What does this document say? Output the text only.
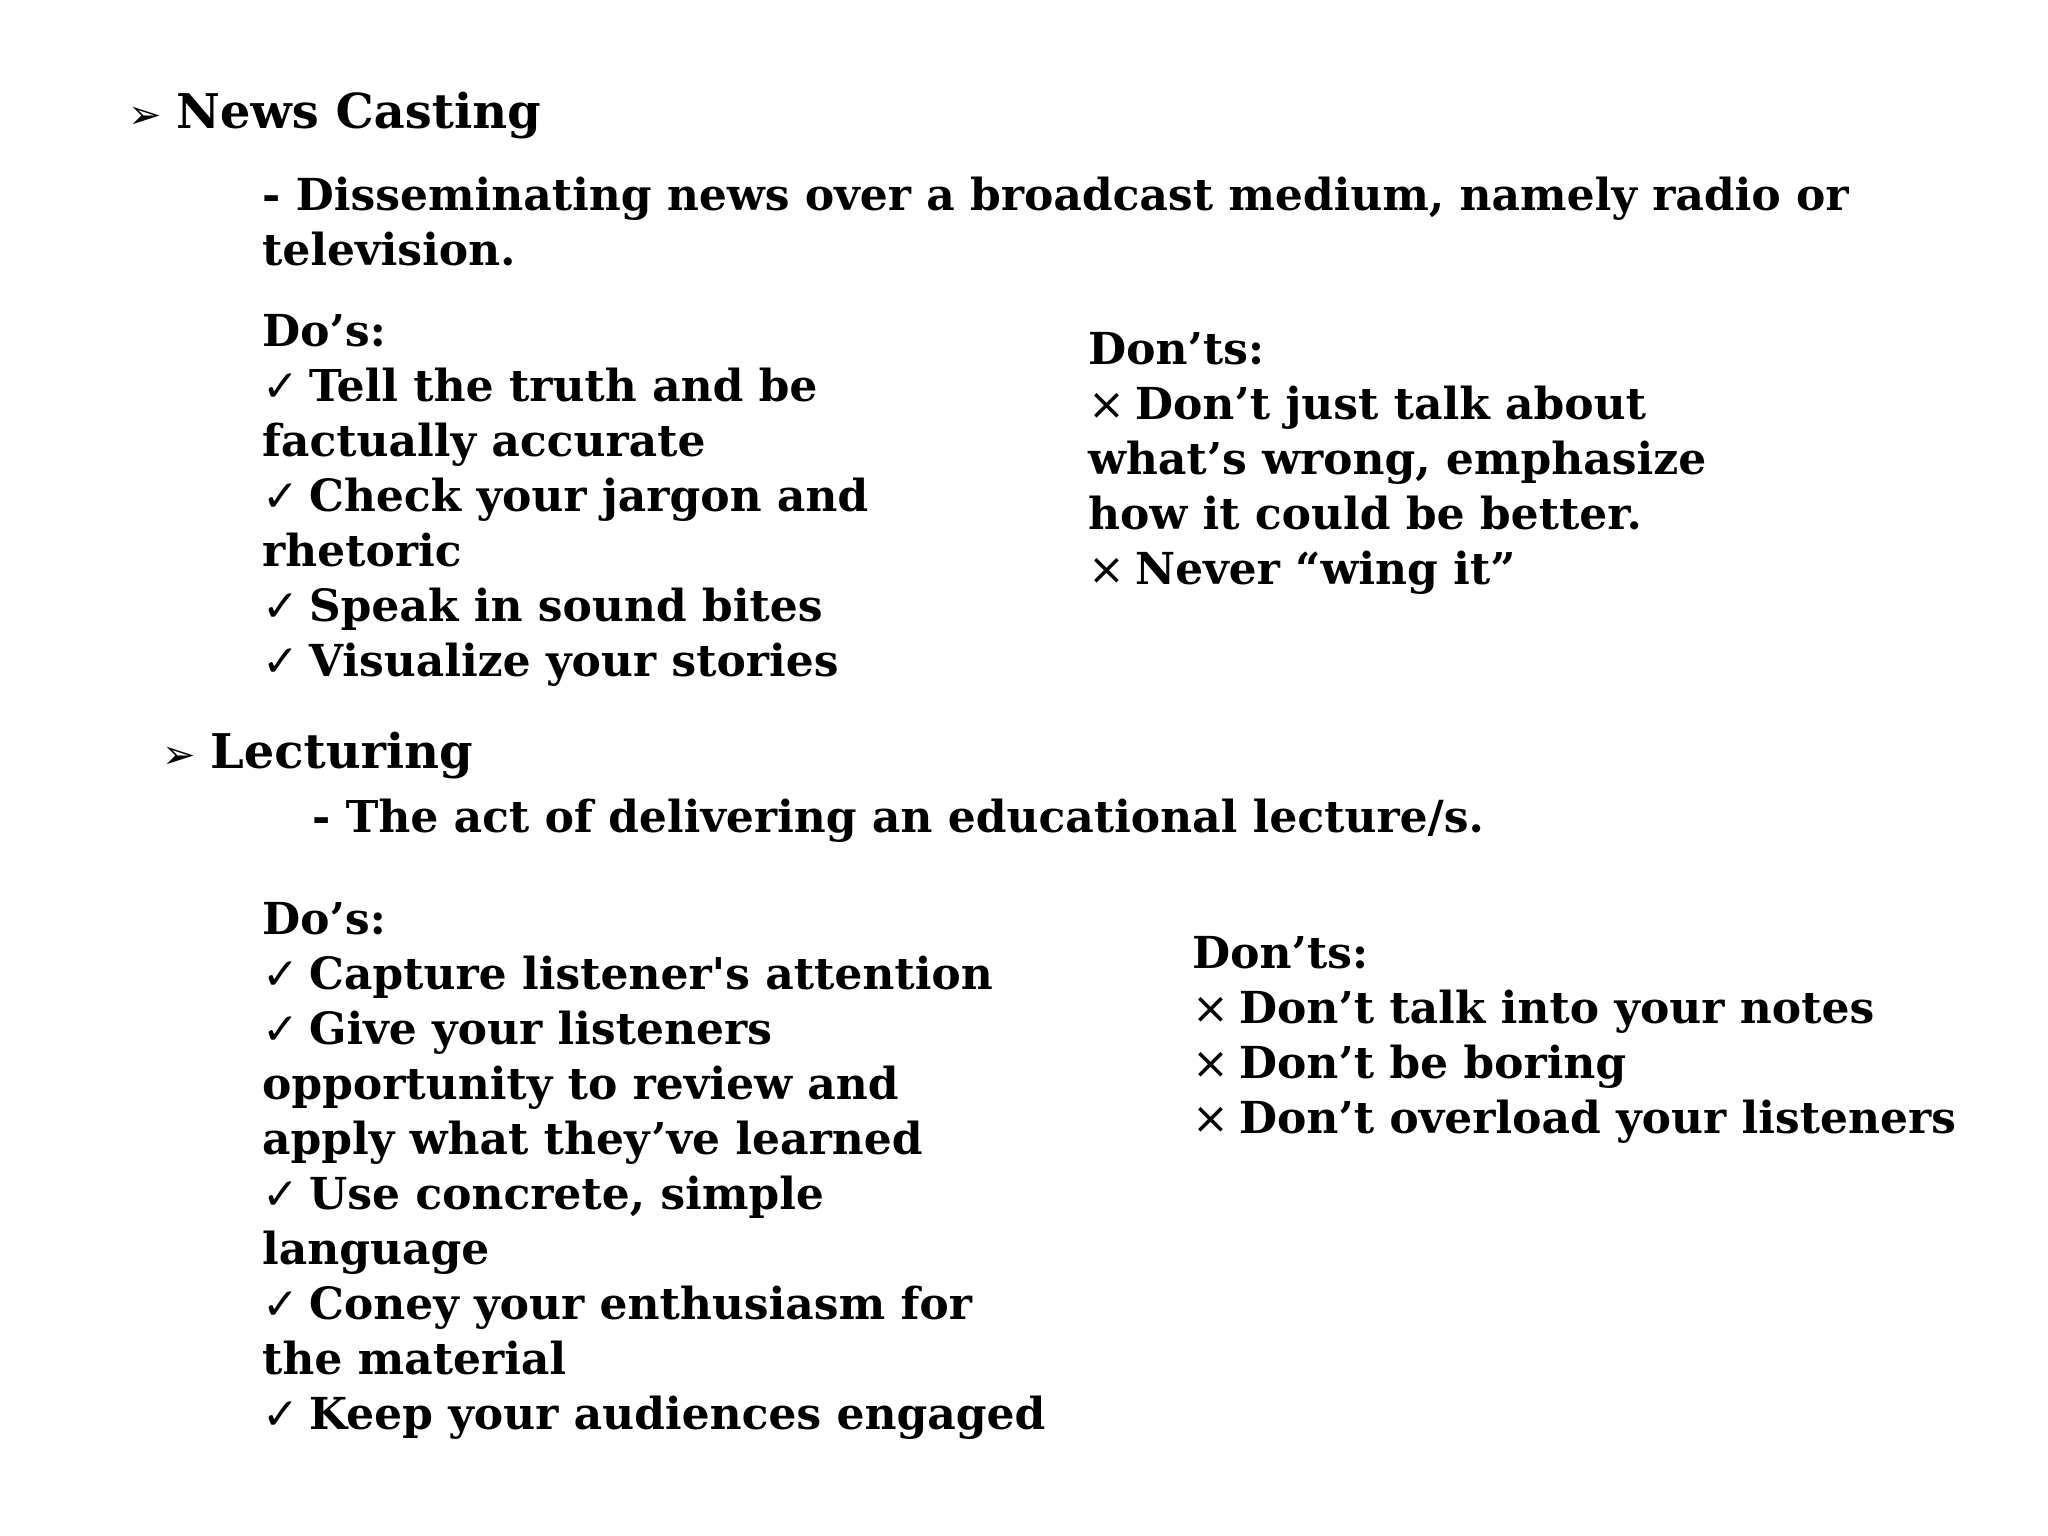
➢ News Casting
- Disseminating news over a broadcast medium, namely radio or television.
Do’s:
✓ Tell the truth and be factually accurate
✓ Check your jargon and rhetoric
✓ Speak in sound bites
✓ Visualize your stories
Don’ts:
× Don’t just talk about what’s wrong, emphasize how it could be better.
× Never “wing it”
➢ Lecturing
- The act of delivering an educational lecture/s.
Do’s:
✓ Capture listener's attention
✓ Give your listeners opportunity to review and apply what they’ve learned
✓ Use concrete, simple language
✓ Coney your enthusiasm for the material
✓ Keep your audiences engaged
Don’ts:
× Don’t talk into your notes
× Don’t be boring
× Don’t overload your listeners
